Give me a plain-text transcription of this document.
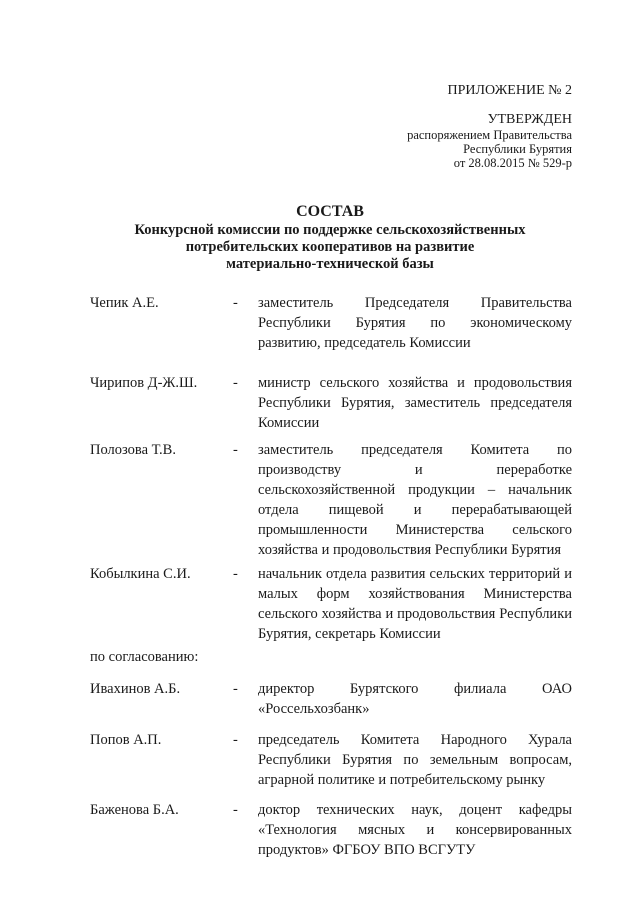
ПРИЛОЖЕНИЕ № 2
УТВЕРЖДЕН
распоряжением Правительства
Республики Бурятия
от 28.08.2015 № 529-р
СОСТАВ
Конкурсной комиссии по поддержке сельскохозяйственных
потребительских кооперативов на развитие
материально-технической базы
Чепик А.Е.	- заместитель Председателя Правительства Республики Бурятия по экономическому развитию, председатель Комиссии
Чирипов Д-Ж.Ш.	- министр сельского хозяйства и продовольствия Республики Бурятия, заместитель председателя Комиссии
Полозова Т.В.	- заместитель председателя Комитета по производству и переработке сельскохозяйственной продукции – начальник отдела пищевой и перерабатывающей промышленности Министерства сельского хозяйства и продовольствия Республики Бурятия
Кобылкина С.И.	- начальник отдела развития сельских территорий и малых форм хозяйствования Министерства сельского хозяйства и продовольствия Республики Бурятия, секретарь Комиссии
по согласованию:
Ивахинов А.Б.	- директор Бурятского филиала ОАО «Россельхозбанк»
Попов А.П.	- председатель Комитета Народного Хурала Республики Бурятия по земельным вопросам, аграрной политике и потребительскому рынку
Баженова Б.А.	- доктор технических наук, доцент кафедры «Технология мясных и консервированных продуктов» ФГБОУ ВПО ВСГУТУ
